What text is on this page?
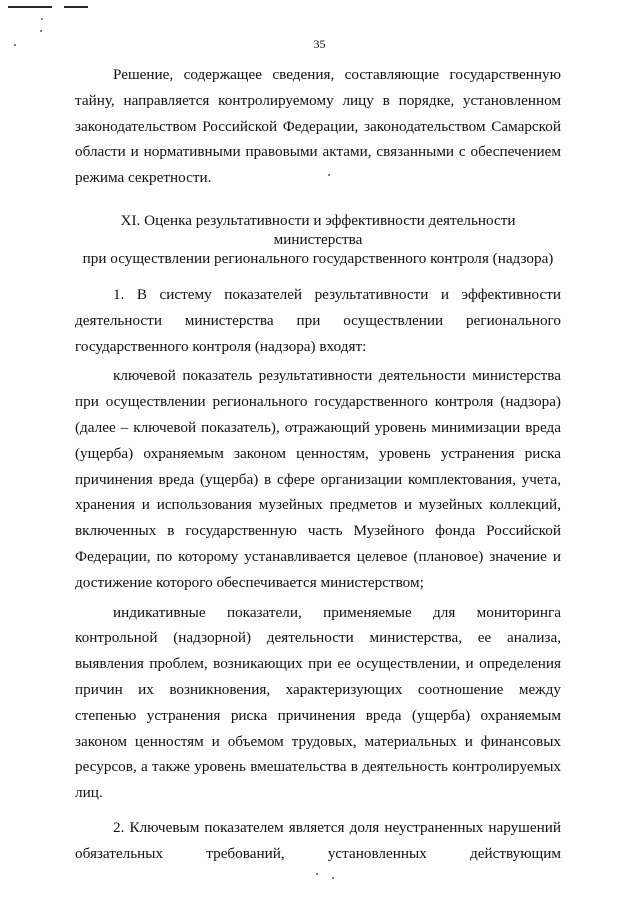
35

Решение, содержащее сведения, составляющие государственную тайну, направляется контролируемому лицу в порядке, установленном законодательством Российской Федерации, законодательством Самарской области и нормативными правовыми актами, связанными с обеспечением режима секретности.

XI. Оценка результативности и эффективности деятельности министерства
при осуществлении регионального государственного контроля (надзора)

1. В систему показателей результативности и эффективности деятельности министерства при осуществлении регионального государственного контроля (надзора) входят:

ключевой показатель результативности деятельности министерства при осуществлении регионального государственного контроля (надзора) (далее – ключевой показатель), отражающий уровень минимизации вреда (ущерба) охраняемым законом ценностям, уровень устранения риска причинения вреда (ущерба) в сфере организации комплектования, учета, хранения и использования музейных предметов и музейных коллекций, включенных в государственную часть Музейного фонда Российской Федерации, по которому устанавливается целевое (плановое) значение и достижение которого обеспечивается министерством;

индикативные показатели, применяемые для мониторинга контрольной (надзорной) деятельности министерства, ее анализа, выявления проблем, возникающих при ее осуществлении, и определения причин их возникновения, характеризующих соотношение между степенью устранения риска причинения вреда (ущерба) охраняемым законом ценностям и объемом трудовых, материальных и финансовых ресурсов, а также уровень вмешательства в деятельность контролируемых лиц.

2. Ключевым показателем является доля неустраненных нарушений обязательных требований, установленных действующим
